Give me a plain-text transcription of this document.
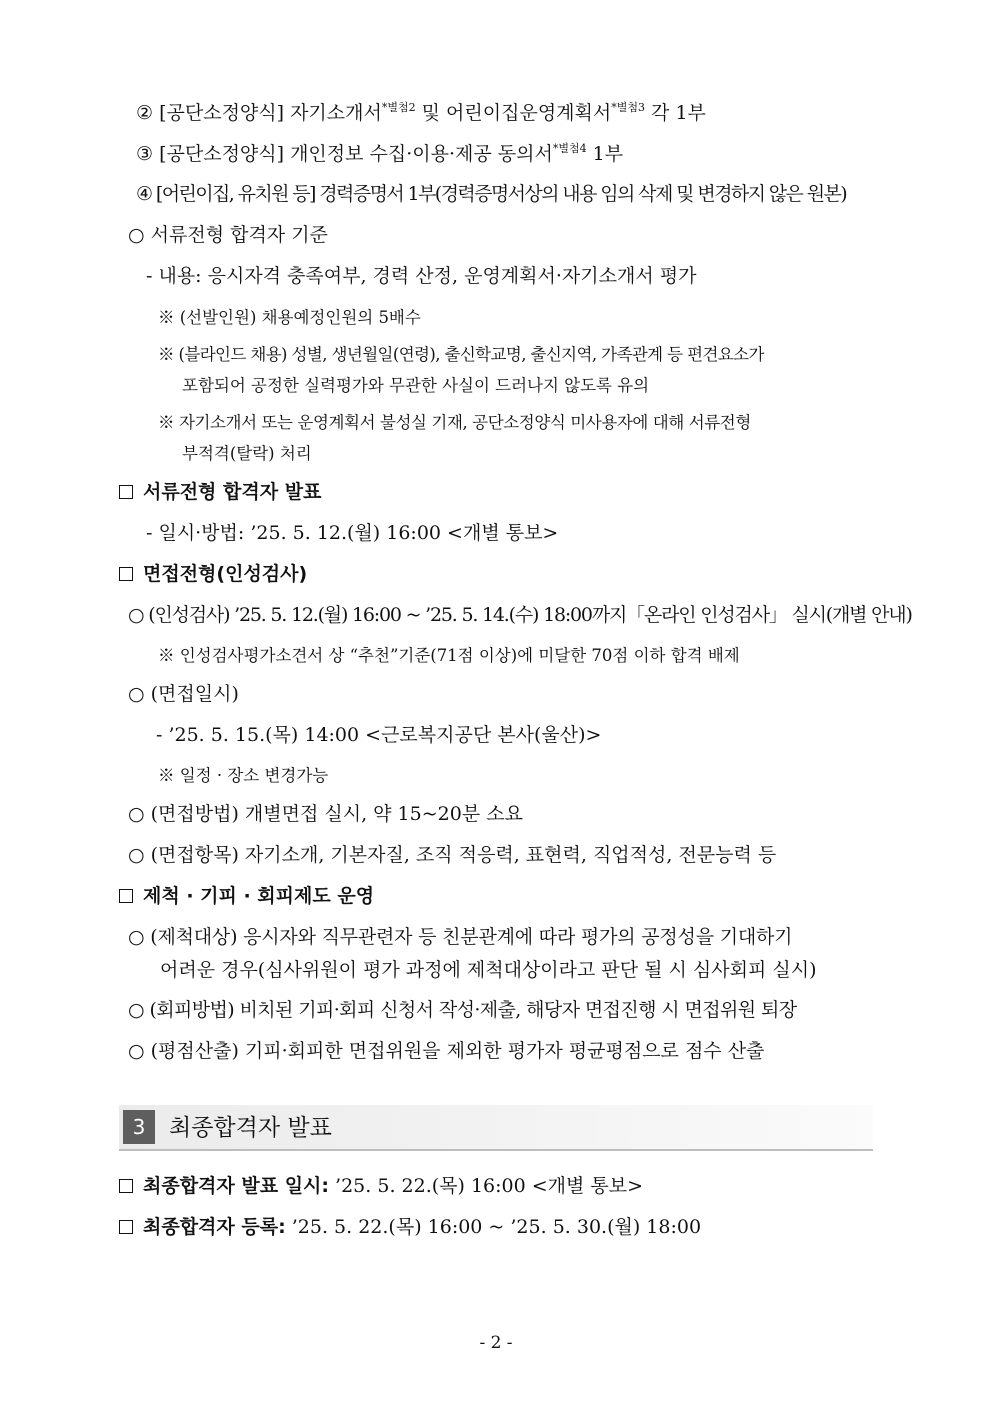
② [공단소정양식] 자기소개서$^{*별첨2}$ 및 어린이집운영계획서$^{*별첨3}$ 각 1부
③ [공단소정양식] 개인정보 수집·이용·제공 동의서$^{*별첨4}$ 1부
④ [어린이집, 유치원 등] 경력증명서 1부(경력증명서상의 내용 임의 삭제 및 변경하지 않은 원본)
○ 서류전형 합격자 기준
- 내용: 응시자격 충족여부, 경력 산정, 운영계획서·자기소개서 평가
※ (선발인원) 채용예정인원의 5배수
※ (블라인드 채용) 성별, 생년월일(연령), 출신학교명, 출신지역, 가족관계 등 편견요소가
포함되어 공정한 실력평가와 무관한 사실이 드러나지 않도록 유의
※ 자기소개서 또는 운영계획서 불성실 기재, 공단소정양식 미사용자에 대해 서류전형
부적격(탈락) 처리
서류전형 합격자 발표
- 일시·방법: ’25. 5. 12.(월) 16:00 <개별 통보>
면접전형(인성검사)
○ (인성검사) ’25. 5. 12.(월) 16:00 ~ ’25. 5. 14.(수) 18:00까지「온라인 인성검사」 실시(개별 안내)
※ 인성검사평가소견서 상 “추천”기준(71점 이상)에 미달한 70점 이하 합격 배제
○ (면접일시)
- ’25. 5. 15.(목) 14:00 <근로복지공단 본사(울산)>
※ 일정 · 장소 변경가능
○ (면접방법) 개별면접 실시, 약 15~20분 소요
○ (면접항목) 자기소개, 기본자질, 조직 적응력, 표현력, 직업적성, 전문능력 등
제척 · 기피 · 회피제도 운영
○ (제척대상) 응시자와 직무관련자 등 친분관계에 따라 평가의 공정성을 기대하기
어려운 경우(심사위원이 평가 과정에 제척대상이라고 판단 될 시 심사회피 실시)
○ (회피방법) 비치된 기피·회피 신청서 작성·제출, 해당자 면접진행 시 면접위원 퇴장
○ (평점산출) 기피·회피한 면접위원을 제외한 평가자 평균평점으로 점수 산출
3	최종합격자 발표
최종합격자 발표 일시: ’25. 5. 22.(목) 16:00 <개별 통보>
최종합격자 등록: ’25. 5. 22.(목) 16:00 ~ ’25. 5. 30.(월) 18:00
- 2 -
